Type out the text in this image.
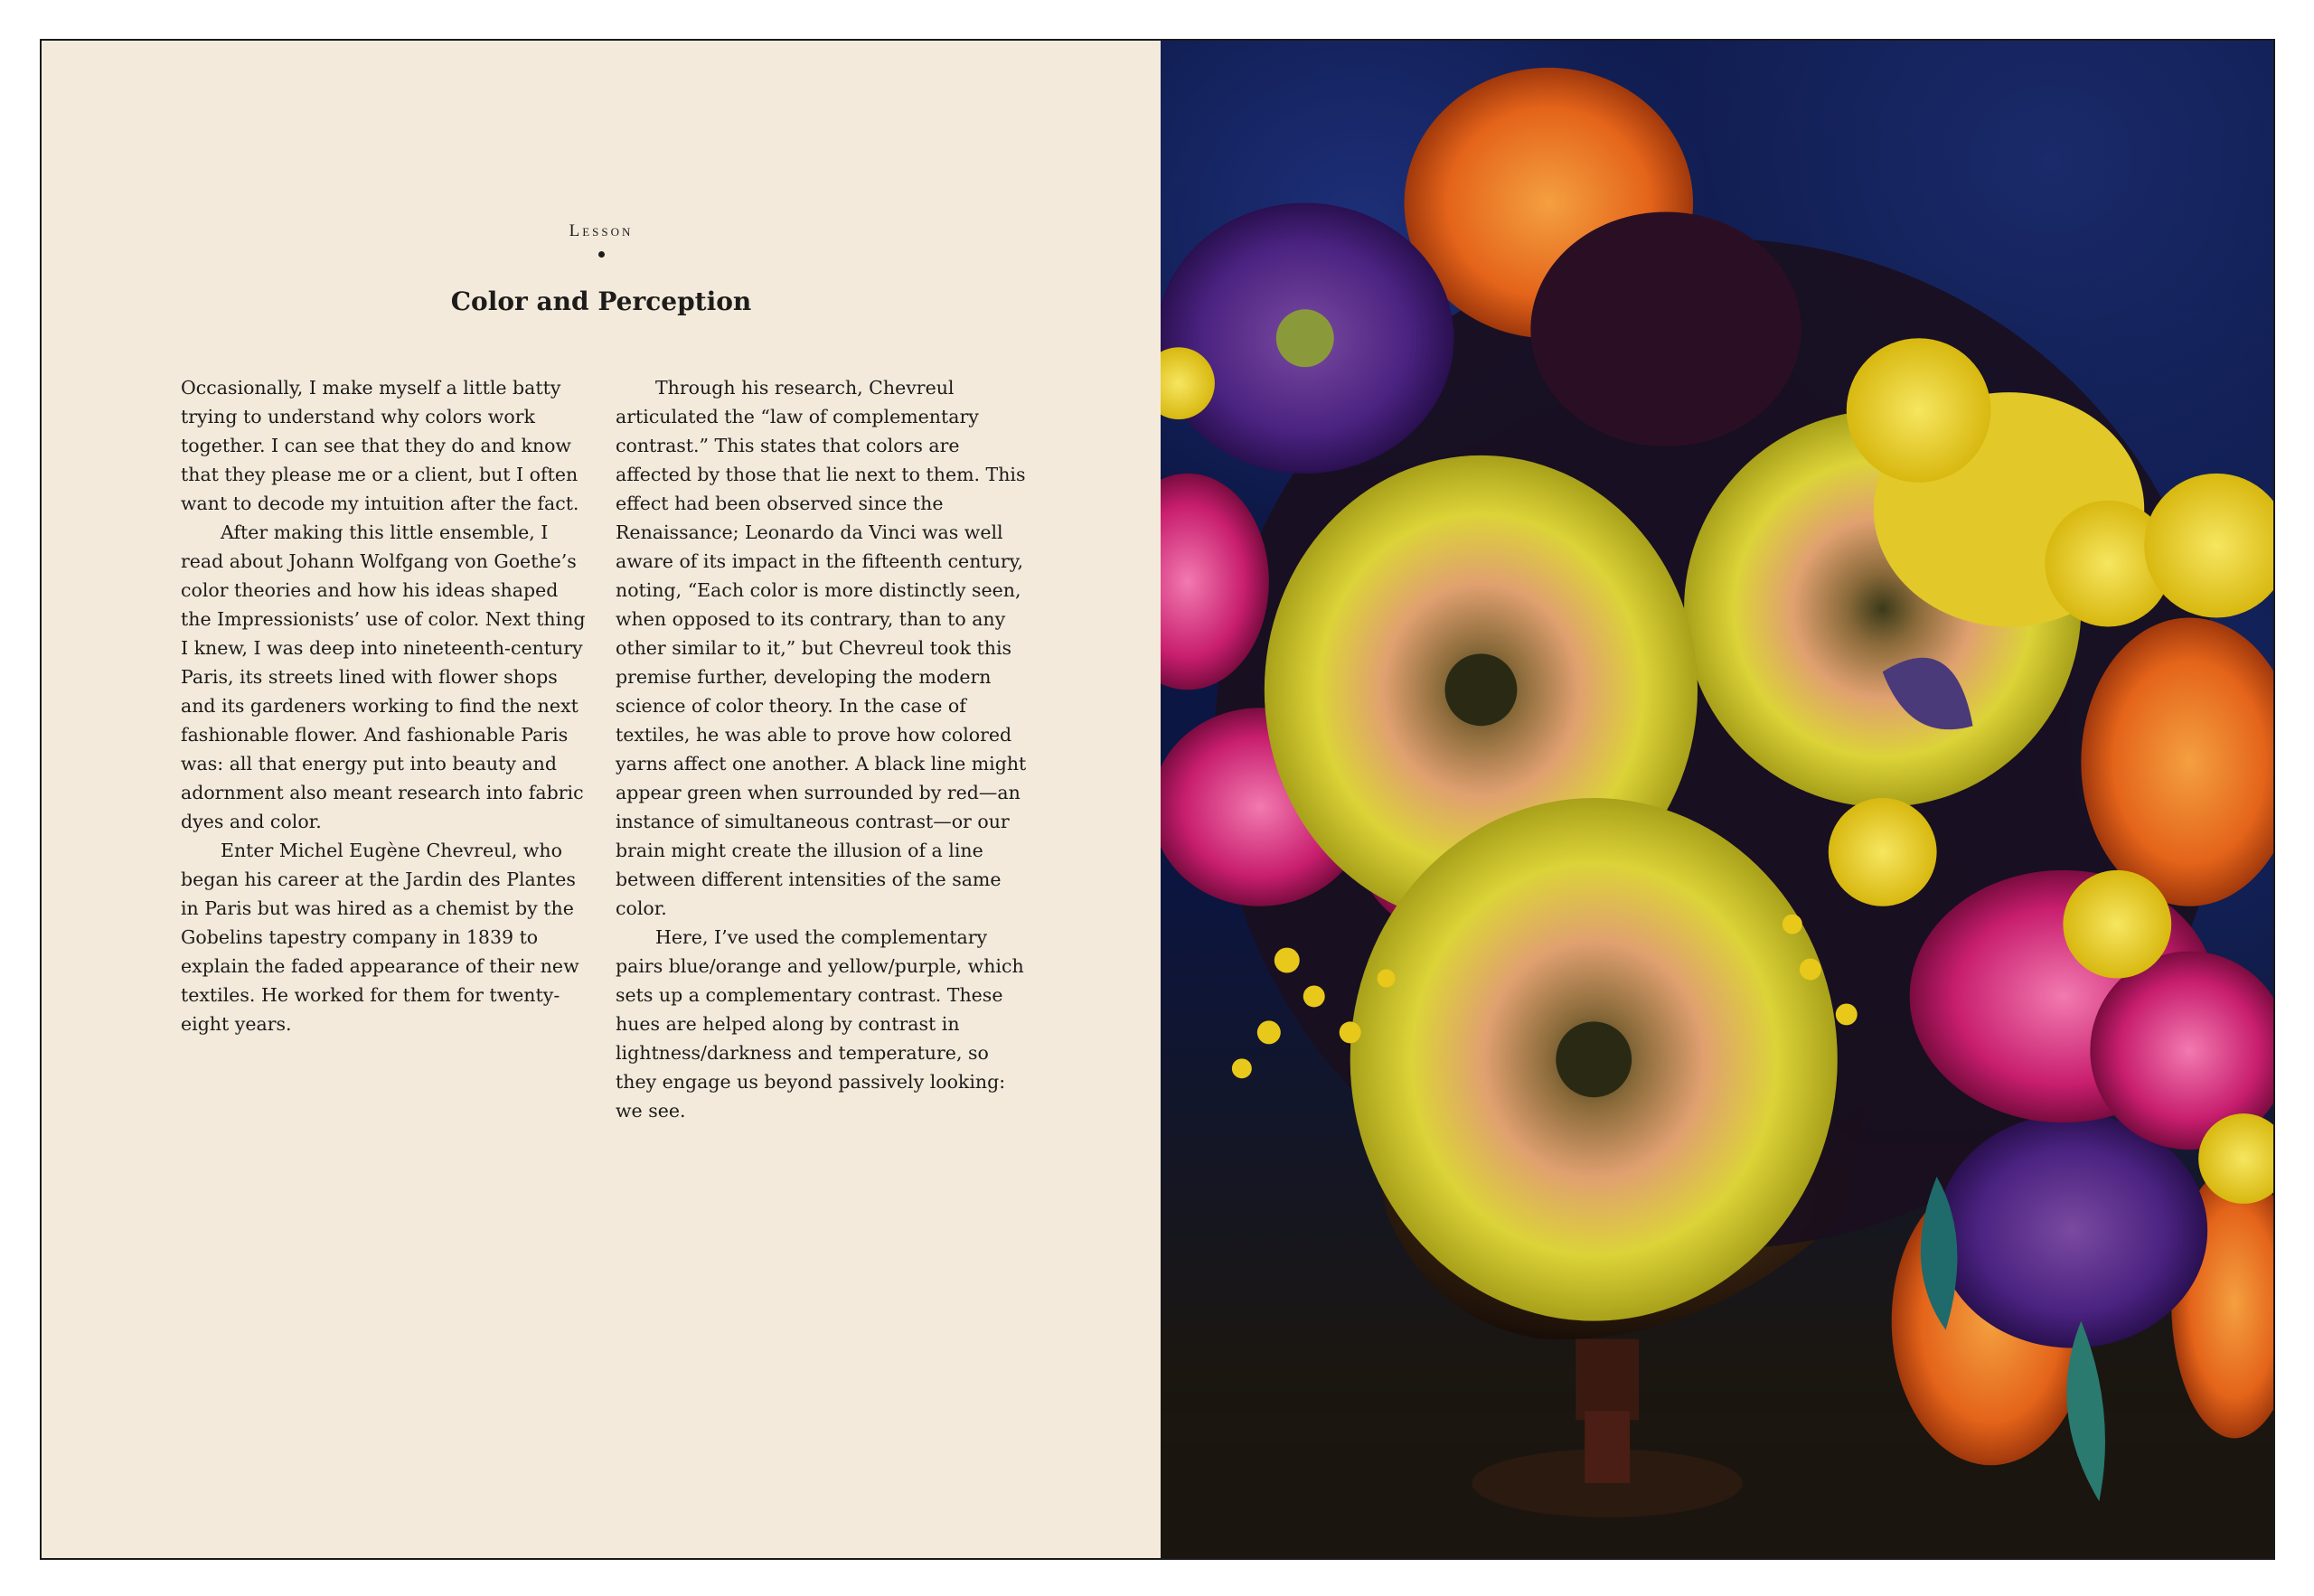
Lesson
Color and Perception

Occasionally, I make myself a little batty trying to understand why colors work together. I can see that they do and know that they please me or a client, but I often want to decode my intuition after the fact.

After making this little ensemble, I read about Johann Wolfgang von Goethe’s color theories and how his ideas shaped the Impressionists’ use of color. Next thing I knew, I was deep into nineteenth-century Paris, its streets lined with flower shops and its gardeners working to find the next fashionable flower. And fashionable Paris was: all that energy put into beauty and adornment also meant research into fabric dyes and color.

Enter Michel Eugène Chevreul, who began his career at the Jardin des Plantes in Paris but was hired as a chemist by the Gobelins tapestry company in 1839 to explain the faded appearance of their new textiles. He worked for them for twenty-eight years.

Through his research, Chevreul articulated the “law of complementary contrast.” This states that colors are affected by those that lie next to them. This effect had been observed since the Renaissance; Leonardo da Vinci was well aware of its impact in the fifteenth century, noting, “Each color is more distinctly seen, when opposed to its contrary, than to any other similar to it,” but Chevreul took this premise further, developing the modern science of color theory. In the case of textiles, he was able to prove how colored yarns affect one another. A black line might appear green when surrounded by red—an instance of simultaneous contrast—or our brain might create the illusion of a line between different intensities of the same color.

Here, I’ve used the complementary pairs blue/orange and yellow/purple, which sets up a complementary contrast. These hues are helped along by contrast in lightness/darkness and temperature, so they engage us beyond passively looking: we see.
